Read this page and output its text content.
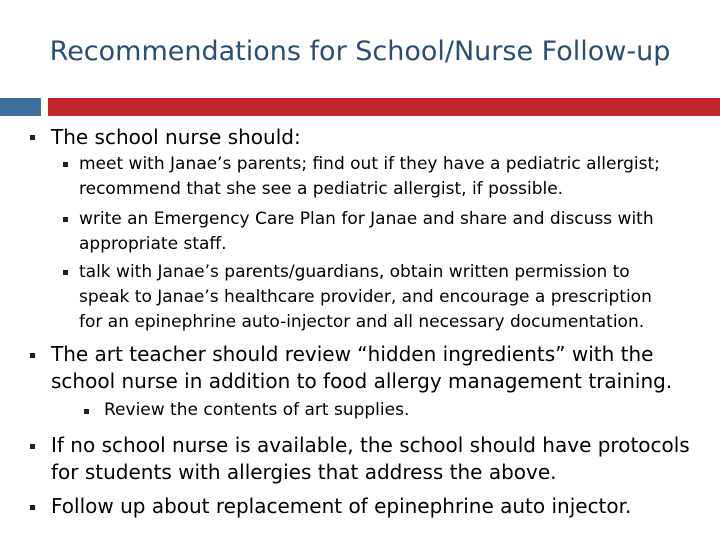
Recommendations for School/Nurse Follow-up
The school nurse should:
meet with Janae’s parents; find out if they have a pediatric allergist;
recommend that she see a pediatric allergist, if possible.
write an Emergency Care Plan for Janae and share and discuss with
appropriate staff.
talk with Janae’s parents/guardians, obtain written permission to
speak to Janae’s healthcare provider, and encourage a prescription
for an epinephrine auto-injector and all necessary documentation.
The art teacher should review “hidden ingredients” with the
school nurse in addition to food allergy management training.
Review the contents of art supplies.
If no school nurse is available, the school should have protocols
for students with allergies that address the above.
Follow up about replacement of epinephrine auto injector.
